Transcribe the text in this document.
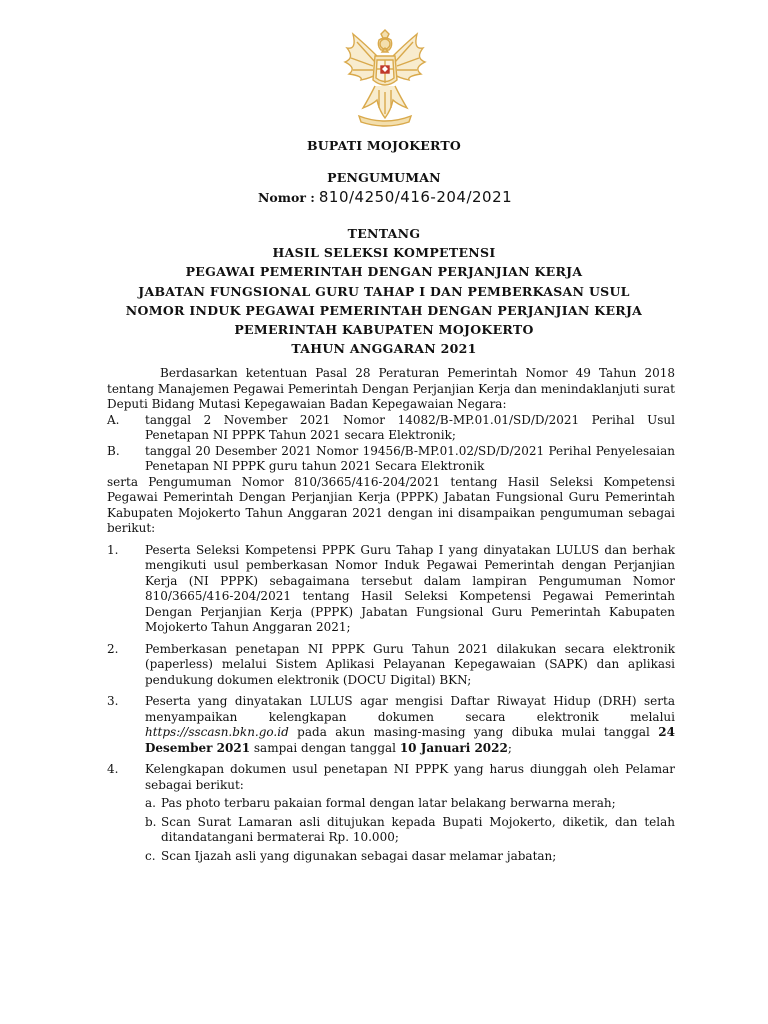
BUPATI MOJOKERTO
PENGUMUMAN
Nomor : 810/4250/416-204/2021
TENTANG
HASIL SELEKSI KOMPETENSI
PEGAWAI PEMERINTAH DENGAN PERJANJIAN KERJA
JABATAN FUNGSIONAL GURU TAHAP I DAN PEMBERKASAN USUL
NOMOR INDUK PEGAWAI PEMERINTAH DENGAN PERJANJIAN KERJA
PEMERINTAH KABUPATEN MOJOKERTO
TAHUN ANGGARAN 2021

Berdasarkan ketentuan Pasal 28 Peraturan Pemerintah Nomor 49 Tahun 2018 tentang Manajemen Pegawai Pemerintah Dengan Perjanjian Kerja dan menindaklanjuti surat Deputi Bidang Mutasi Kepegawaian Badan Kepegawaian Negara:

A. tanggal 2 November 2021 Nomor 14082/B-MP.01.01/SD/D/2021 Perihal Usul Penetapan NI PPPK Tahun 2021 secara Elektronik;
B. tanggal 20 Desember 2021 Nomor 19456/B-MP.01.02/SD/D/2021 Perihal Penyelesaian Penetapan NI PPPK guru tahun 2021 Secara Elektronik

serta Pengumuman Nomor 810/3665/416-204/2021 tentang Hasil Seleksi Kompetensi Pegawai Pemerintah Dengan Perjanjian Kerja (PPPK) Jabatan Fungsional Guru Pemerintah Kabupaten Mojokerto Tahun Anggaran 2021 dengan ini disampaikan pengumuman sebagai berikut:

1. Peserta Seleksi Kompetensi PPPK Guru Tahap I yang dinyatakan LULUS dan berhak mengikuti usul pemberkasan Nomor Induk Pegawai Pemerintah dengan Perjanjian Kerja (NI PPPK) sebagaimana tersebut dalam lampiran Pengumuman Nomor 810/3665/416-204/2021 tentang Hasil Seleksi Kompetensi Pegawai Pemerintah Dengan Perjanjian Kerja (PPPK) Jabatan Fungsional Guru Pemerintah Kabupaten Mojokerto Tahun Anggaran 2021;
2. Pemberkasan penetapan NI PPPK Guru Tahun 2021 dilakukan secara elektronik (paperless) melalui Sistem Aplikasi Pelayanan Kepegawaian (SAPK) dan aplikasi pendukung dokumen elektronik (DOCU Digital) BKN;
3. Peserta yang dinyatakan LULUS agar mengisi Daftar Riwayat Hidup (DRH) serta menyampaikan kelengkapan dokumen secara elektronik melalui https://sscasn.bkn.go.id pada akun masing-masing yang dibuka mulai tanggal 24 Desember 2021 sampai dengan tanggal 10 Januari 2022;
4. Kelengkapan dokumen usul penetapan NI PPPK yang harus diunggah oleh Pelamar sebagai berikut:
a. Pas photo terbaru pakaian formal dengan latar belakang berwarna merah;
b. Scan Surat Lamaran asli ditujukan kepada Bupati Mojokerto, diketik, dan telah ditandatangani bermaterai Rp. 10.000;
c. Scan Ijazah asli yang digunakan sebagai dasar melamar jabatan;
